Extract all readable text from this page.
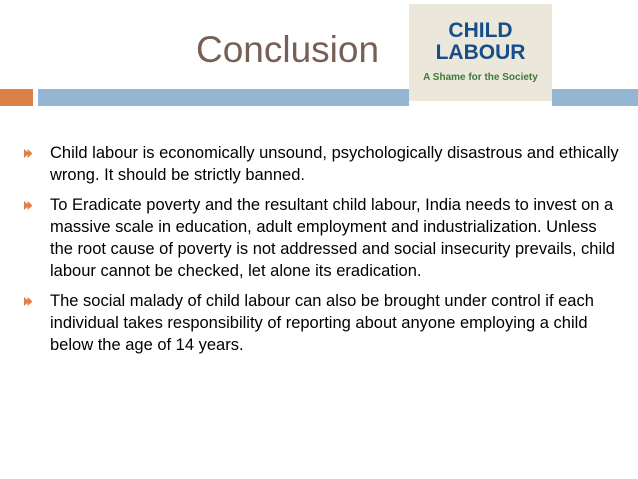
Conclusion	CHILD
LABOUR
A Shame for the Society
Child labour is economically unsound, psychologically disastrous and ethically wrong. It should be strictly banned.
To Eradicate poverty and the resultant child labour, India needs to invest on a massive scale in education, adult employment and industrialization. Unless the root cause of poverty is not addressed and social insecurity prevails, child labour cannot be checked, let alone its eradication.
The social malady of child labour can also be brought under control if each individual takes responsibility of reporting about anyone employing a child below the age of 14 years.
